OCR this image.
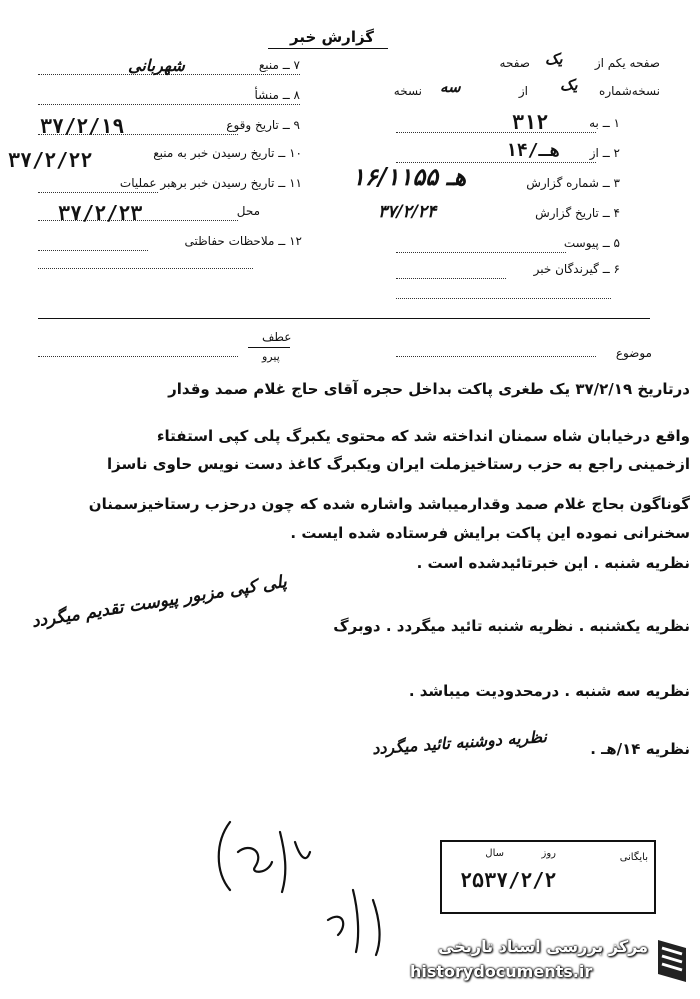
گزارش خبر
۷ ــ منبع
شهربانی
۸ ــ منشأ
۹ ــ تاریخ وقوع
۳۷/۲/۱۹
۱۰ ــ تاریخ رسیدن خبر به منبع
۳۷/۲/۲۲
۱۱ ــ تاریخ رسیدن خبر برهبر عملیات
محل
۳۷/۲/۲۳
۱۲ ــ ملاحظات حفاظتی
صفحه یکم از
یک
صفحه
نسخه‌شماره
یک
از
سه
نسخه
۱ ــ به
۳۱۲
۲ ــ از
۱۴/هـ
۳ ــ شماره گزارش
۱۶/۱۱۵۵ هـ
۴ ــ تاریخ گزارش
۳۷/۲/۲۴
۵ ــ پیوست
۶ ــ گیرندگان خبر
عطف
پیرو	موضوع
درتاریخ ۳۷/۲/۱۹ یک طغری پاکت بداخل حجره آقای حاج غلام صمد وقدار
واقع درخیابان شاه سمنان انداخته شد که محتوی یکبرگ پلی کپی استفتاء
ازخمینی راجع به حزب رستاخیزملت ایران ویکبرگ کاغذ دست نویس حاوی ناسزا
گوناگون بحاج غلام صمد وقدارمیباشد واشاره شده که چون درحزب رستاخیزسمنان
سخنرانی نموده این پاکت برایش فرستاده شده ایست .
نظریه شنبه . این خبرتائیدشده است .
نظریه یکشنبه . نظریه شنبه تائید میگردد . دوبرگ
پلی کپی مزبور پیوست تقدیم میگردد
نظریه سه شنبه . درمحدودیت میباشد .
نظریه ۱۴/هـ .
نظریه دوشنبه تائید میگردد
بایگانی
روز
سال
۲۵۳۷/۲/۲
مرکز بررسی اسناد تاریخی
historydocuments.ir
